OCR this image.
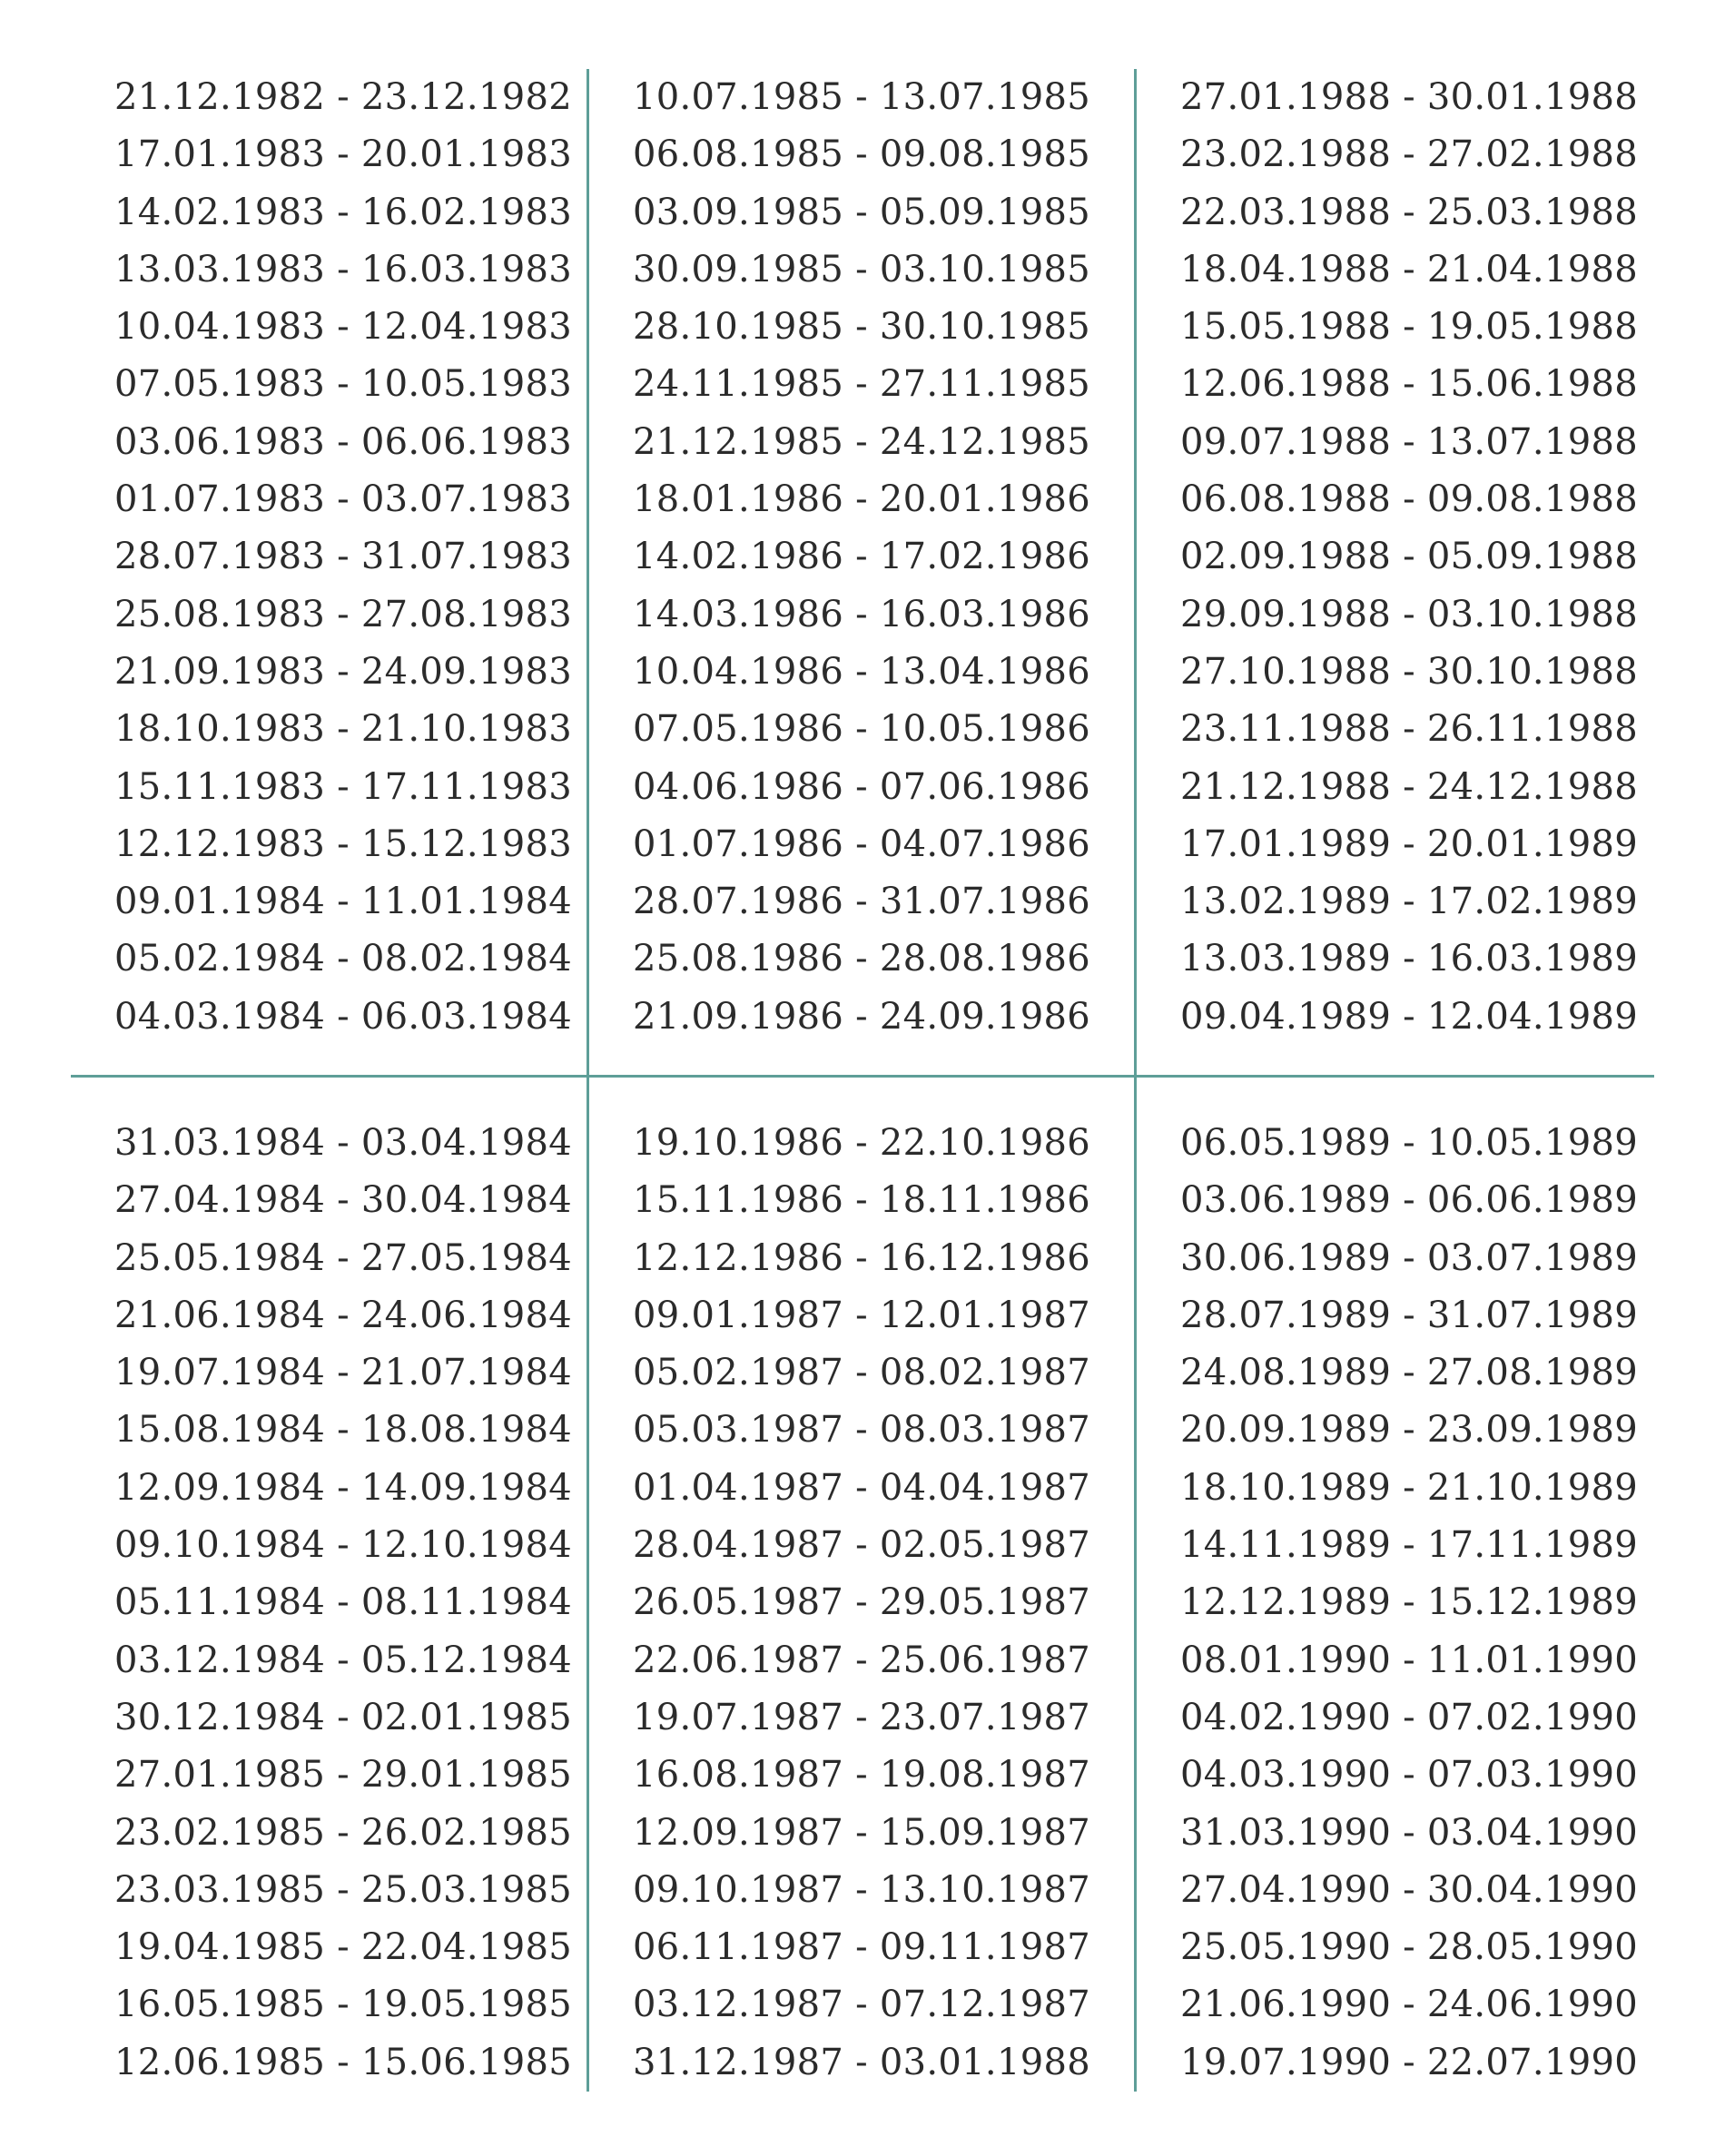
21.12.1982 - 23.12.1982
17.01.1983 - 20.01.1983
14.02.1983 - 16.02.1983
13.03.1983 - 16.03.1983
10.04.1983 - 12.04.1983
07.05.1983 - 10.05.1983
03.06.1983 - 06.06.1983
01.07.1983 - 03.07.1983
28.07.1983 - 31.07.1983
25.08.1983 - 27.08.1983
21.09.1983 - 24.09.1983
18.10.1983 - 21.10.1983
15.11.1983 - 17.11.1983
12.12.1983 - 15.12.1983
09.01.1984 - 11.01.1984
05.02.1984 - 08.02.1984
04.03.1984 - 06.03.1984
10.07.1985 - 13.07.1985
06.08.1985 - 09.08.1985
03.09.1985 - 05.09.1985
30.09.1985 - 03.10.1985
28.10.1985 - 30.10.1985
24.11.1985 - 27.11.1985
21.12.1985 - 24.12.1985
18.01.1986 - 20.01.1986
14.02.1986 - 17.02.1986
14.03.1986 - 16.03.1986
10.04.1986 - 13.04.1986
07.05.1986 - 10.05.1986
04.06.1986 - 07.06.1986
01.07.1986 - 04.07.1986
28.07.1986 - 31.07.1986
25.08.1986 - 28.08.1986
21.09.1986 - 24.09.1986
27.01.1988 - 30.01.1988
23.02.1988 - 27.02.1988
22.03.1988 - 25.03.1988
18.04.1988 - 21.04.1988
15.05.1988 - 19.05.1988
12.06.1988 - 15.06.1988
09.07.1988 - 13.07.1988
06.08.1988 - 09.08.1988
02.09.1988 - 05.09.1988
29.09.1988 - 03.10.1988
27.10.1988 - 30.10.1988
23.11.1988 - 26.11.1988
21.12.1988 - 24.12.1988
17.01.1989 - 20.01.1989
13.02.1989 - 17.02.1989
13.03.1989 - 16.03.1989
09.04.1989 - 12.04.1989
31.03.1984 - 03.04.1984
27.04.1984 - 30.04.1984
25.05.1984 - 27.05.1984
21.06.1984 - 24.06.1984
19.07.1984 - 21.07.1984
15.08.1984 - 18.08.1984
12.09.1984 - 14.09.1984
09.10.1984 - 12.10.1984
05.11.1984 - 08.11.1984
03.12.1984 - 05.12.1984
30.12.1984 - 02.01.1985
27.01.1985 - 29.01.1985
23.02.1985 - 26.02.1985
23.03.1985 - 25.03.1985
19.04.1985 - 22.04.1985
16.05.1985 - 19.05.1985
12.06.1985 - 15.06.1985
19.10.1986 - 22.10.1986
15.11.1986 - 18.11.1986
12.12.1986 - 16.12.1986
09.01.1987 - 12.01.1987
05.02.1987 - 08.02.1987
05.03.1987 - 08.03.1987
01.04.1987 - 04.04.1987
28.04.1987 - 02.05.1987
26.05.1987 - 29.05.1987
22.06.1987 - 25.06.1987
19.07.1987 - 23.07.1987
16.08.1987 - 19.08.1987
12.09.1987 - 15.09.1987
09.10.1987 - 13.10.1987
06.11.1987 - 09.11.1987
03.12.1987 - 07.12.1987
31.12.1987 - 03.01.1988
06.05.1989 - 10.05.1989
03.06.1989 - 06.06.1989
30.06.1989 - 03.07.1989
28.07.1989 - 31.07.1989
24.08.1989 - 27.08.1989
20.09.1989 - 23.09.1989
18.10.1989 - 21.10.1989
14.11.1989 - 17.11.1989
12.12.1989 - 15.12.1989
08.01.1990 - 11.01.1990
04.02.1990 - 07.02.1990
04.03.1990 - 07.03.1990
31.03.1990 - 03.04.1990
27.04.1990 - 30.04.1990
25.05.1990 - 28.05.1990
21.06.1990 - 24.06.1990
19.07.1990 - 22.07.1990
